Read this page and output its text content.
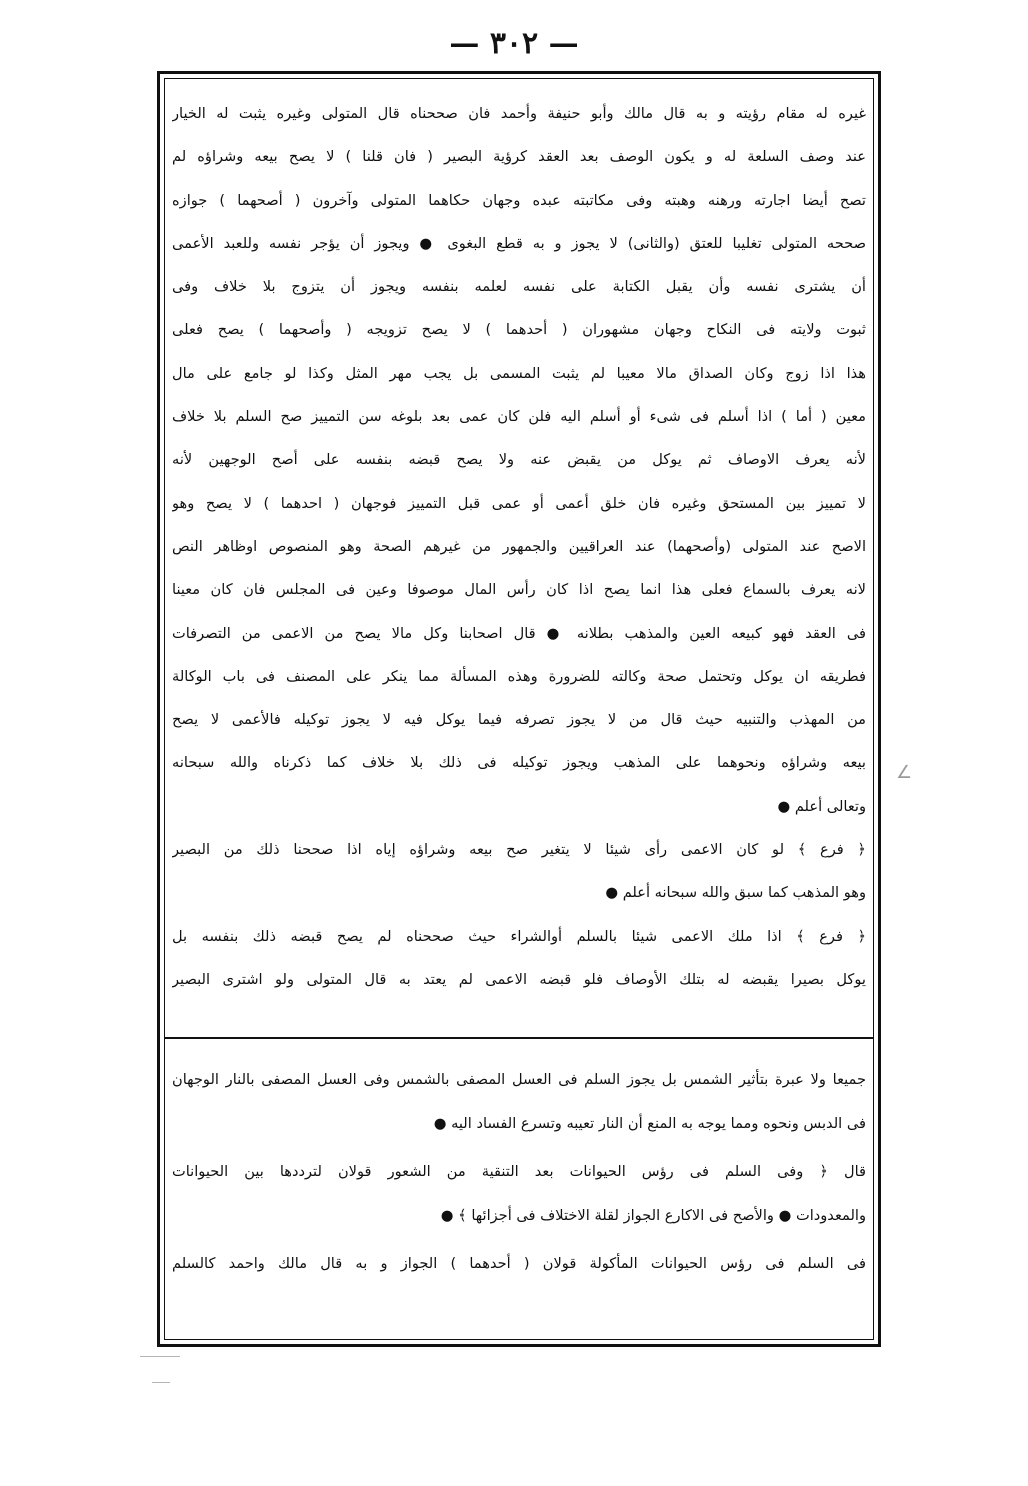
— ٣٠٢ —
غيره له مقام رؤيته و به قال مالك وأبو حنيفة وأحمد فان صححناه قال المتولى وغيره يثبت له الخيار
عند وصف السلعة له و يكون الوصف بعد العقد كرؤية البصير ( فان قلنا ) لا يصح بيعه وشراؤه لم
تصح أيضا اجارته ورهنه وهبته وفى مكاتبته عبده وجهان حكاهما المتولى وآخرون ( أصحهما ) جوازه
صححه المتولى تغليبا للعتق (والثانى) لا يجوز و به قطع البغوى ● ويجوز أن يؤجر نفسه وللعبد الأعمى
أن يشترى نفسه وأن يقبل الكتابة على نفسه لعلمه بنفسه ويجوز أن يتزوج بلا خلاف وفى
ثبوت ولايته فى النكاح وجهان مشهوران ( أحدهما ) لا يصح تزويجه ( وأصحهما ) يصح فعلى
هذا اذا زوج وكان الصداق مالا معيبا لم يثبت المسمى بل يجب مهر المثل وكذا لو جامع على مال
معين ( أما ) اذا أسلم فى شىء أو أسلم اليه فلن كان عمى بعد بلوغه سن التمييز صح السلم بلا خلاف
لأنه يعرف الاوصاف ثم يوكل من يقبض عنه ولا يصح قبضه بنفسه على أصح الوجهين لأنه
لا تمييز بين المستحق وغيره فان خلق أعمى أو عمى قبل التمييز فوجهان ( احدهما ) لا يصح وهو
الاصح عند المتولى (وأصحهما) عند العراقيين والجمهور من غيرهم الصحة وهو المنصوص اوظاهر النص
لانه يعرف بالسماع فعلى هذا انما يصح اذا كان رأس المال موصوفا وعين فى المجلس فان كان معينا
فى العقد فهو كبيعه العين والمذهب بطلانه ● قال اصحابنا وكل مالا يصح من الاعمى من التصرفات
فطريقه ان يوكل وتحتمل صحة وكالته للضرورة وهذه المسألة مما ينكر على المصنف فى باب الوكالة
من المهذب والتنبيه حيث قال من لا يجوز تصرفه فيما يوكل فيه لا يجوز توكيله فالأعمى لا يصح
بيعه وشراؤه ونحوهما على المذهب ويجوز توكيله فى ذلك بلا خلاف كما ذكرناه والله سبحانه
وتعالى أعلم ●
﴿ فرع ﴾ لو كان الاعمى رأى شيئا لا يتغير صح بيعه وشراؤه إياه اذا صححنا ذلك من البصير
وهو المذهب كما سبق والله سبحانه أعلم ●
﴿ فرع ﴾ اذا ملك الاعمى شيئا بالسلم أوالشراء حيث صححناه لم يصح قبضه ذلك بنفسه بل
يوكل بصيرا يقبضه له بتلك الأوصاف فلو قبضه الاعمى لم يعتد به قال المتولى ولو اشترى البصير
جميعا ولا عبرة بتأثير الشمس بل يجوز السلم فى العسل المصفى بالشمس وفى العسل المصفى بالنار الوجهان
فى الدبس ونحوه ومما يوجه به المنع أن النار تعيبه وتسرع الفساد اليه ●
قال ﴿ وفى السلم فى رؤس الحيوانات بعد التنقية من الشعور قولان لترددها بين الحيوانات
والمعدودات ● والأصح فى الاكارع الجواز لقلة الاختلاف فى أجزائها ﴾ ●
فى السلم فى رؤس الحيوانات المأكولة قولان ( أحدهما ) الجواز و به قال مالك واحمد كالسلم
∠
